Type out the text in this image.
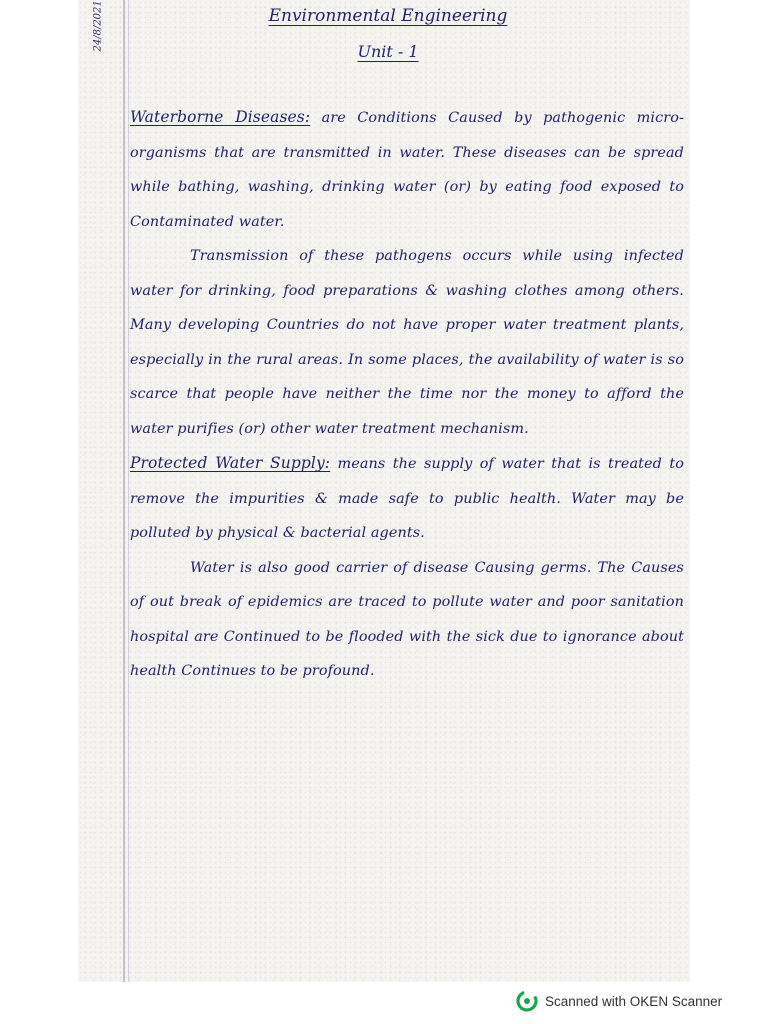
24/8/2021	Environmental Engineering
Unit - 1

Waterborne Diseases: are Conditions Caused by pathogenic micro-organisms that are transmitted in water. These diseases can be spread while bathing, washing, drinking water (or) by eating food exposed to Contaminated water.

Transmission of these pathogens occurs while using infected water for drinking, food preparations & washing clothes among others. Many developing Countries do not have proper water treatment plants, especially in the rural areas. In some places, the availability of water is so scarce that people have neither the time nor the money to afford the water purifies (or) other water treatment mechanism.

Protected Water Supply: means the supply of water that is treated to remove the impurities & made safe to public health. Water may be polluted by physical & bacterial agents.

Water is also good carrier of disease Causing germs. The Causes of out break of epidemics are traced to pollute water and poor sanitation hospital are Continued to be flooded with the sick due to ignorance about health Continues to be profound.

Scanned with OKEN Scanner
